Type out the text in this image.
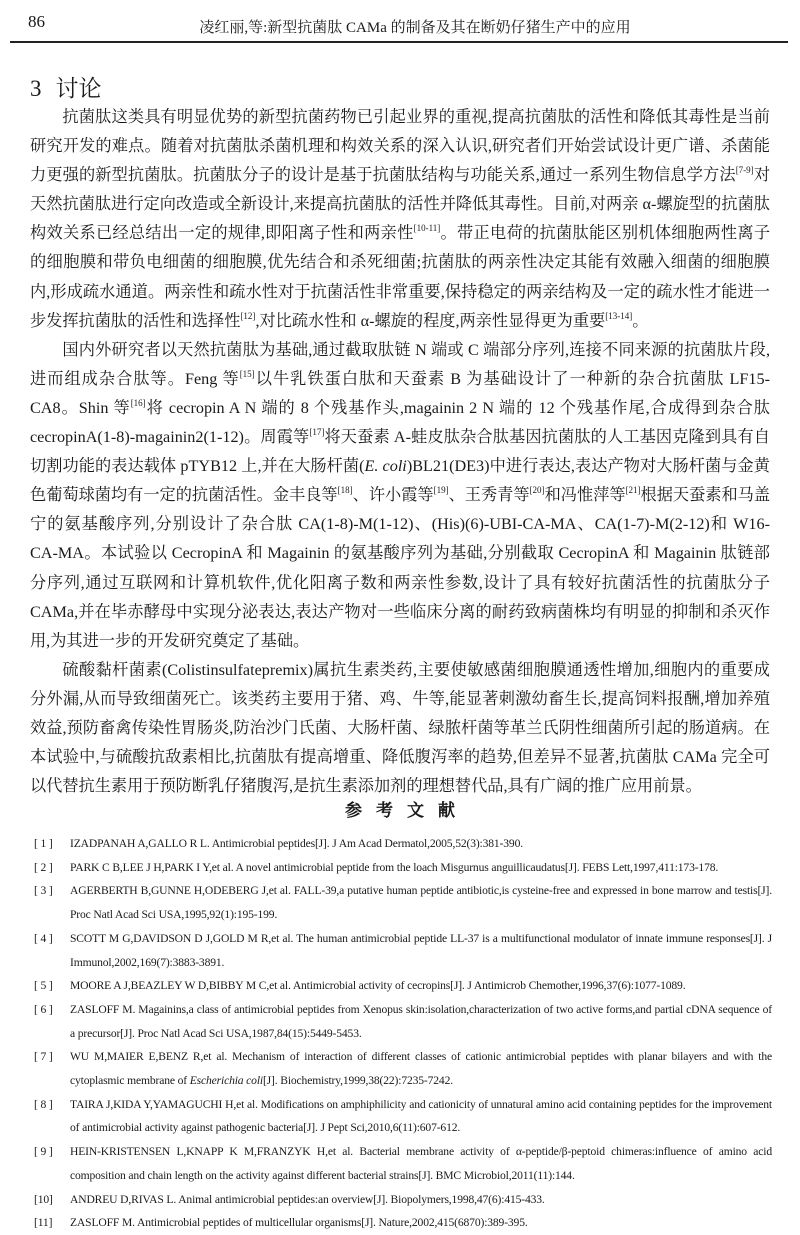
86	凌红丽,等:新型抗菌肽 CAMa 的制备及其在断奶仔猪生产中的应用
3 讨论

抗菌肽这类具有明显优势的新型抗菌药物已引起业界的重视,提高抗菌肽的活性和降低其毒性是当前研究开发的难点。随着对抗菌肽杀菌机理和构效关系的深入认识,研究者们开始尝试设计更广谱、杀菌能力更强的新型抗菌肽。抗菌肽分子的设计是基于抗菌肽结构与功能关系,通过一系列生物信息学方法[7-9]对天然抗菌肽进行定向改造或全新设计,来提高抗菌肽的活性并降低其毒性。目前,对两亲 α-螺旋型的抗菌肽构效关系已经总结出一定的规律,即阳离子性和两亲性[10-11]。带正电荷的抗菌肽能区别机体细胞两性离子的细胞膜和带负电细菌的细胞膜,优先结合和杀死细菌;抗菌肽的两亲性决定其能有效融入细菌的细胞膜内,形成疏水通道。两亲性和疏水性对于抗菌活性非常重要,保持稳定的两亲结构及一定的疏水性才能进一步发挥抗菌肽的活性和选择性[12],对比疏水性和 α-螺旋的程度,两亲性显得更为重要[13-14]。

国内外研究者以天然抗菌肽为基础,通过截取肽链 N 端或 C 端部分序列,连接不同来源的抗菌肽片段,进而组成杂合肽等。Feng 等[15]以牛乳铁蛋白肽和天蚕素 B 为基础设计了一种新的杂合抗菌肽 LF15-CA8。Shin 等[16]将 cecropin A N 端的 8 个残基作头,magainin 2 N 端的 12 个残基作尾,合成得到杂合肽 cecropinA(1-8)-magainin2(1-12)。周霞等[17]将天蚕素 A-蛙皮肽杂合肽基因抗菌肽的人工基因克隆到具有自切割功能的表达载体 pTYB12 上,并在大肠杆菌(E. coli)BL21(DE3)中进行表达,表达产物对大肠杆菌与金黄色葡萄球菌均有一定的抗菌活性。金丰良等[18]、许小霞等[19]、王秀青等[20]和冯惟萍等[21]根据天蚕素和马盖宁的氨基酸序列,分别设计了杂合肽 CA(1-8)-M(1-12)、(His)(6)-UBI-CA-MA、CA(1-7)-M(2-12)和 W16-CA-MA。本试验以 CecropinA 和 Magainin 的氨基酸序列为基础,分别截取 CecropinA 和 Magainin 肽链部分序列,通过互联网和计算机软件,优化阳离子数和两亲性参数,设计了具有较好抗菌活性的抗菌肽分子 CAMa,并在毕赤酵母中实现分泌表达,表达产物对一些临床分离的耐药致病菌株均有明显的抑制和杀灭作用,为其进一步的开发研究奠定了基础。

硫酸黏杆菌素(Colistinsulfatepremix)属抗生素类药,主要使敏感菌细胞膜通透性增加,细胞内的重要成分外漏,从而导致细菌死亡。该类药主要用于猪、鸡、牛等,能显著刺激幼畜生长,提高饲料报酬,增加养殖效益,预防畜禽传染性胃肠炎,防治沙门氏菌、大肠杆菌、绿脓杆菌等革兰氏阴性细菌所引起的肠道病。在本试验中,与硫酸抗敌素相比,抗菌肽有提高增重、降低腹泻率的趋势,但差异不显著,抗菌肽 CAMa 完全可以代替抗生素用于预防断乳仔猪腹泻,是抗生素添加剂的理想替代品,具有广阔的推广应用前景。

参考文献
[ 1 ] IZADPANAH A,GALLO R L. Antimicrobial peptides[J]. J Am Acad Dermatol,2005,52(3):381-390.
[ 2 ] PARK C B,LEE J H,PARK I Y,et al. A novel antimicrobial peptide from the loach Misgurnus anguillicaudatus[J]. FEBS Lett,1997,411:173-178.
[ 3 ] AGERBERTH B,GUNNE H,ODEBERG J,et al. FALL-39,a putative human peptide antibiotic,is cysteine-free and expressed in bone marrow and testis[J]. Proc Natl Acad Sci USA,1995,92(1):195-199.
[ 4 ] SCOTT M G,DAVIDSON D J,GOLD M R,et al. The human antimicrobial peptide LL-37 is a multifunctional modulator of innate immune responses[J]. J Immunol,2002,169(7):3883-3891.
[ 5 ] MOORE A J,BEAZLEY W D,BIBBY M C,et al. Antimicrobial activity of cecropins[J]. J Antimicrob Chemother,1996,37(6):1077-1089.
[ 6 ] ZASLOFF M. Magainins,a class of antimicrobial peptides from Xenopus skin:isolation,characterization of two active forms,and partial cDNA sequence of a precursor[J]. Proc Natl Acad Sci USA,1987,84(15):5449-5453.
[ 7 ] WU M,MAIER E,BENZ R,et al. Mechanism of interaction of different classes of cationic antimicrobial peptides with planar bilayers and with the cytoplasmic membrane of Escherichia coli[J]. Biochemistry,1999,38(22):7235-7242.
[ 8 ] TAIRA J,KIDA Y,YAMAGUCHI H,et al. Modifications on amphiphilicity and cationicity of unnatural amino acid containing peptides for the improvement of antimicrobial activity against pathogenic bacteria[J]. J Pept Sci,2010,6(11):607-612.
[ 9 ] HEIN-KRISTENSEN L,KNAPP K M,FRANZYK H,et al. Bacterial membrane activity of α-peptide/β-peptoid chimeras:influence of amino acid composition and chain length on the activity against different bacterial strains[J]. BMC Microbiol,2011(11):144.
[10] ANDREU D,RIVAS L. Animal antimicrobial peptides:an overview[J]. Biopolymers,1998,47(6):415-433.
[11] ZASLOFF M. Antimicrobial peptides of multicellular organisms[J]. Nature,2002,415(6870):389-395.
